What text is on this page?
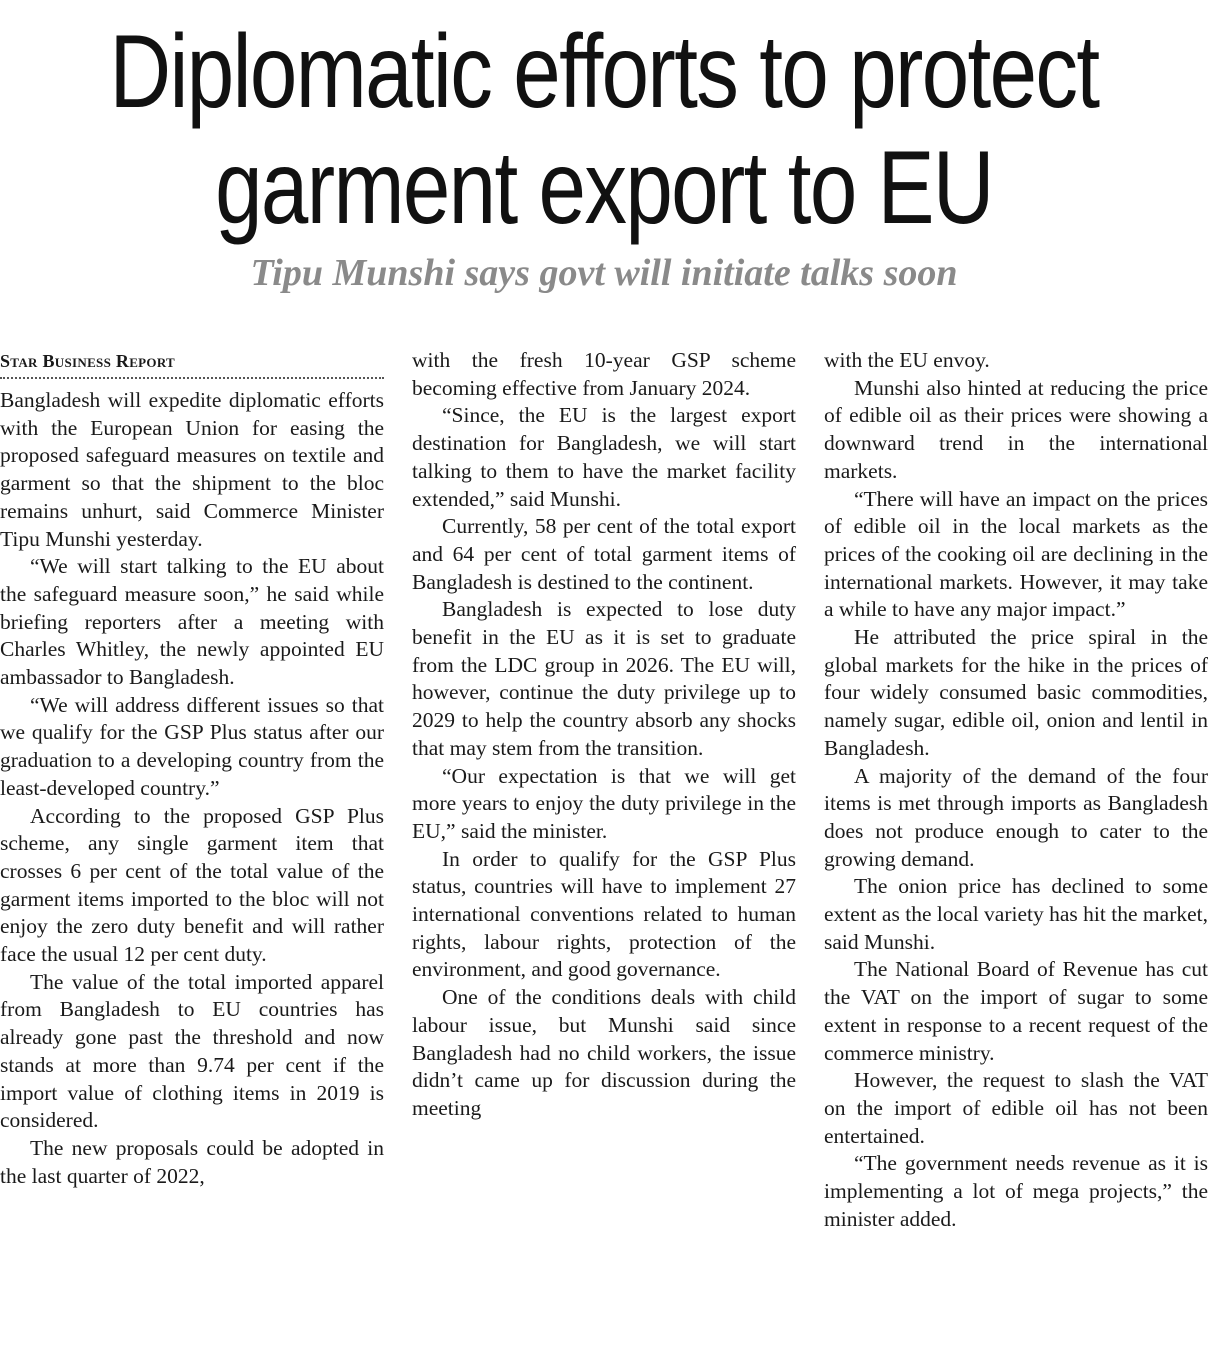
Diplomatic efforts to protect
garment export to EU
Tipu Munshi says govt will initiate talks soon
Star Business Report

Bangladesh will expedite diplomatic efforts with the European Union for easing the proposed safeguard measures on textile and garment so that the shipment to the bloc remains unhurt, said Commerce Minister Tipu Munshi yesterday.

“We will start talking to the EU about the safeguard measure soon,” he said while briefing reporters after a meeting with Charles Whitley, the newly appointed EU ambassador to Bangladesh.

“We will address different issues so that we qualify for the GSP Plus status after our graduation to a developing country from the least-developed country.”

According to the proposed GSP Plus scheme, any single garment item that crosses 6 per cent of the total value of the garment items imported to the bloc will not enjoy the zero duty benefit and will rather face the usual 12 per cent duty.

The value of the total imported apparel from Bangladesh to EU countries has already gone past the threshold and now stands at more than 9.74 per cent if the import value of clothing items in 2019 is considered.

The new proposals could be adopted in the last quarter of 2022,

with the fresh 10-year GSP scheme becoming effective from January 2024.

“Since, the EU is the largest export destination for Bangladesh, we will start talking to them to have the market facility extended,” said Munshi.

Currently, 58 per cent of the total export and 64 per cent of total garment items of Bangladesh is destined to the continent.

Bangladesh is expected to lose duty benefit in the EU as it is set to graduate from the LDC group in 2026. The EU will, however, continue the duty privilege up to 2029 to help the country absorb any shocks that may stem from the transition.

“Our expectation is that we will get more years to enjoy the duty privilege in the EU,” said the minister.

In order to qualify for the GSP Plus status, countries will have to implement 27 international conventions related to human rights, labour rights, protection of the environment, and good governance.

One of the conditions deals with child labour issue, but Munshi said since Bangladesh had no child workers, the issue didn’t came up for discussion during the meeting

with the EU envoy.

Munshi also hinted at reducing the price of edible oil as their prices were showing a downward trend in the international markets.

“There will have an impact on the prices of edible oil in the local markets as the prices of the cooking oil are declining in the international markets. However, it may take a while to have any major impact.”

He attributed the price spiral in the global markets for the hike in the prices of four widely consumed basic commodities, namely sugar, edible oil, onion and lentil in Bangladesh.

A majority of the demand of the four items is met through imports as Bangladesh does not produce enough to cater to the growing demand.

The onion price has declined to some extent as the local variety has hit the market, said Munshi.

The National Board of Revenue has cut the VAT on the import of sugar to some extent in response to a recent request of the commerce ministry.

However, the request to slash the VAT on the import of edible oil has not been entertained.

“The government needs revenue as it is implementing a lot of mega projects,” the minister added.
